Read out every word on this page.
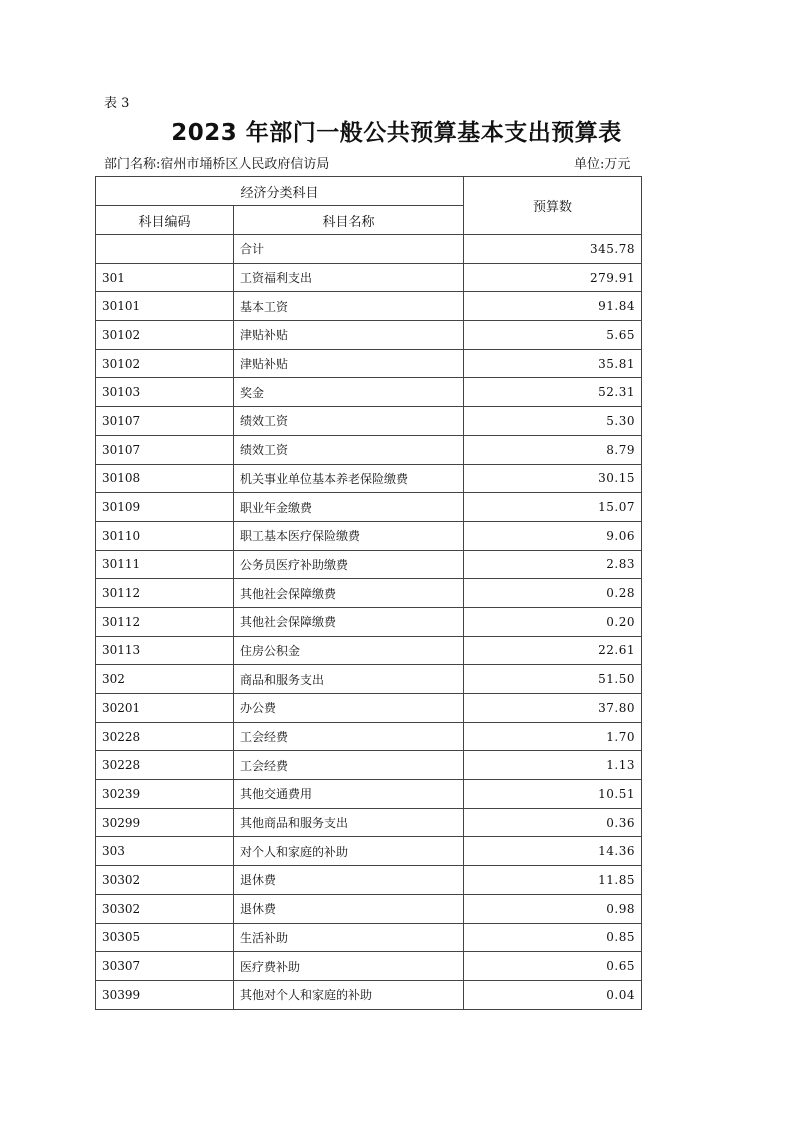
表 3
2023 年部门一般公共预算基本支出预算表
部门名称:宿州市埇桥区人民政府信访局	单位:万元
经济分类科目		预算数
科目编码	科目名称	
	合计	345.78
301	工资福利支出	279.91
30101	基本工资	91.84
30102	津贴补贴	5.65
30102	津贴补贴	35.81
30103	奖金	52.31
30107	绩效工资	5.30
30107	绩效工资	8.79
30108	机关事业单位基本养老保险缴费	30.15
30109	职业年金缴费	15.07
30110	职工基本医疗保险缴费	9.06
30111	公务员医疗补助缴费	2.83
30112	其他社会保障缴费	0.28
30112	其他社会保障缴费	0.20
30113	住房公积金	22.61
302	商品和服务支出	51.50
30201	办公费	37.80
30228	工会经费	1.70
30228	工会经费	1.13
30239	其他交通费用	10.51
30299	其他商品和服务支出	0.36
303	对个人和家庭的补助	14.36
30302	退休费	11.85
30302	退休费	0.98
30305	生活补助	0.85
30307	医疗费补助	0.65
30399	其他对个人和家庭的补助	0.04
